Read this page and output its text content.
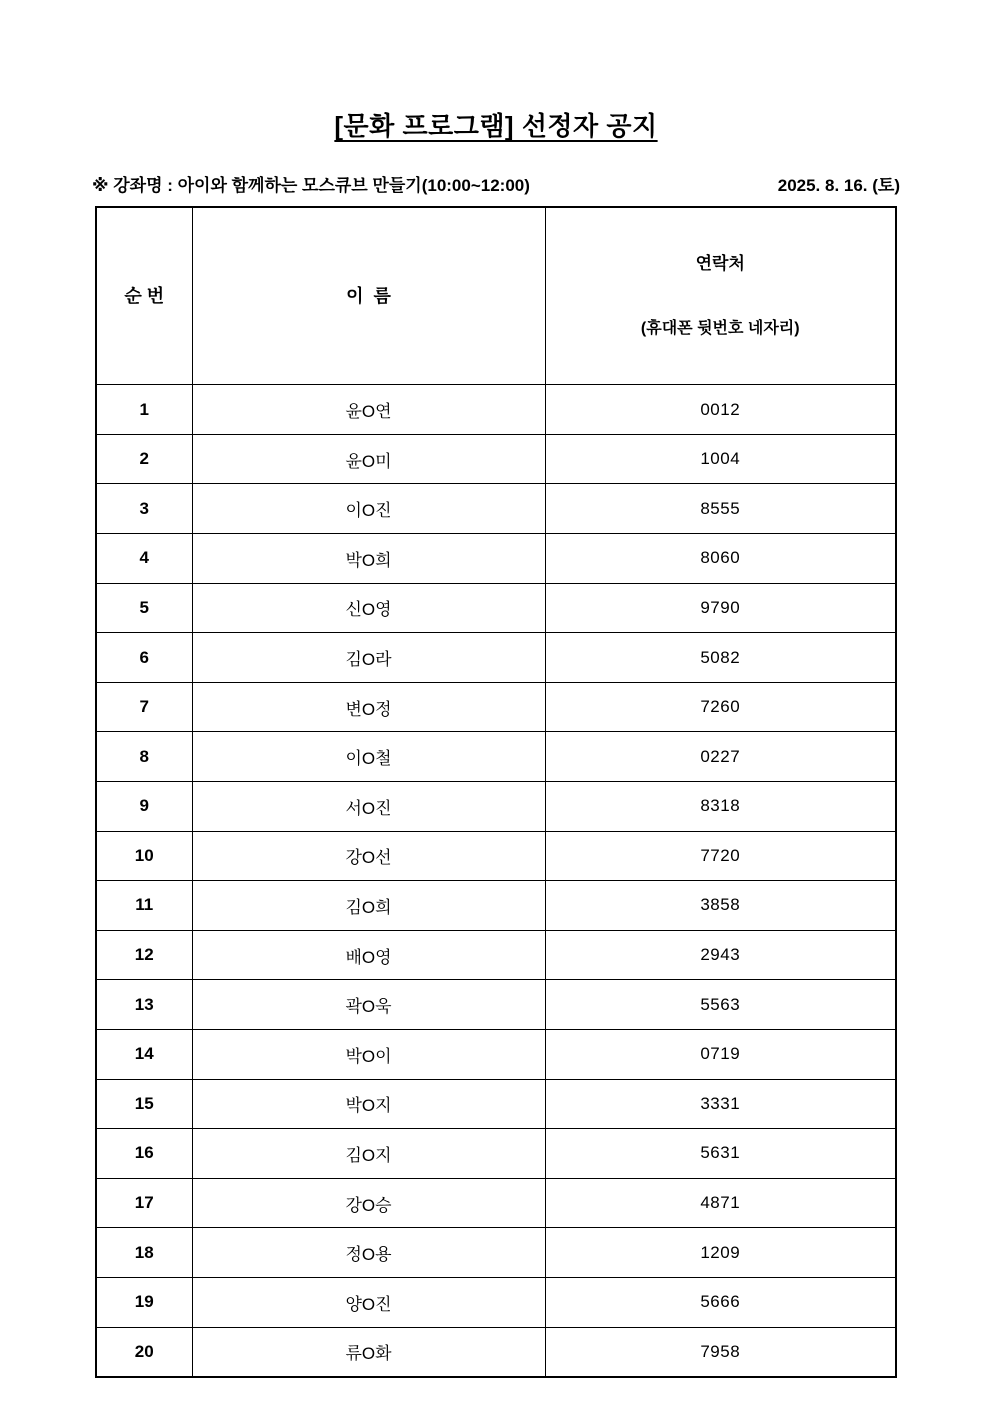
[문화 프로그램] 선정자 공지
※ 강좌명 : 아이와 함께하는 모스큐브 만들기(10:00~12:00)	2025. 8. 16. (토)
순 번	이  름	연락처

(휴대폰 뒷번호 네자리)

1	윤O연	0012
2	윤O미	1004
3	이O진	8555
4	박O희	8060
5	신O영	9790
6	김O라	5082
7	변O정	7260
8	이O철	0227
9	서O진	8318
10	강O선	7720
11	김O희	3858
12	배O영	2943
13	곽O욱	5563
14	박O이	0719
15	박O지	3331
16	김O지	5631
17	강O승	4871
18	정O용	1209
19	양O진	5666
20	류O화	7958
